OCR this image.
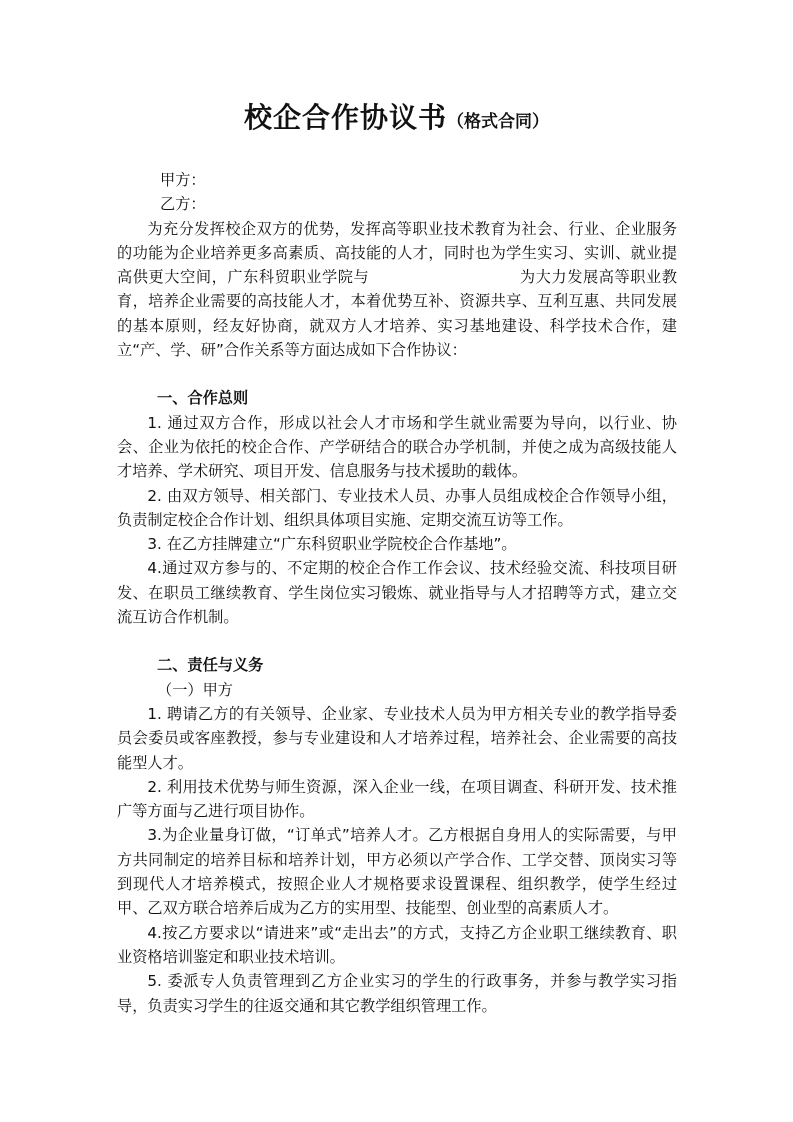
校企合作协议书（格式合同）

甲方：

乙方：

为充分发挥校企双方的优势，发挥高等职业技术教育为社会、行业、企业服务的功能为企业培养更多高素质、高技能的人才，同时也为学生实习、实训、就业提高供更大空间，广东科贸职业学院与	为大力发展高等职业教育，培养企业需要的高技能人才，本着优势互补、资源共享、互利互惠、共同发展的基本原则，经友好协商，就双方人才培养、实习基地建设、科学技术合作，建立“产、学、研”合作关系等方面达成如下合作协议：

一、合作总则

1. 通过双方合作，形成以社会人才市场和学生就业需要为导向，以行业、协会、企业为依托的校企合作、产学研结合的联合办学机制，并使之成为高级技能人才培养、学术研究、项目开发、信息服务与技术援助的载体。

2. 由双方领导、相关部门、专业技术人员、办事人员组成校企合作领导小组，负责制定校企合作计划、组织具体项目实施、定期交流互访等工作。

3. 在乙方挂牌建立“广东科贸职业学院校企合作基地”。

4.通过双方参与的、不定期的校企合作工作会议、技术经验交流、科技项目研发、在职员工继续教育、学生岗位实习锻炼、就业指导与人才招聘等方式，建立交流互访合作机制。

二、责任与义务

（一）甲方

1. 聘请乙方的有关领导、企业家、专业技术人员为甲方相关专业的教学指导委员会委员或客座教授，参与专业建设和人才培养过程，培养社会、企业需要的高技能型人才。

2. 利用技术优势与师生资源，深入企业一线，在项目调查、科研开发、技术推广等方面与乙进行项目协作。

3.为企业量身订做，“订单式”培养人才。乙方根据自身用人的实际需要，与甲方共同制定的培养目标和培养计划，甲方必须以产学合作、工学交替、顶岗实习等到现代人才培养模式，按照企业人才规格要求设置课程、组织教学，使学生经过甲、乙双方联合培养后成为乙方的实用型、技能型、创业型的高素质人才。

4.按乙方要求以“请进来”或“走出去”的方式，支持乙方企业职工继续教育、职业资格培训鉴定和职业技术培训。

5. 委派专人负责管理到乙方企业实习的学生的行政事务，并参与教学实习指导，负责实习学生的往返交通和其它教学组织管理工作。
